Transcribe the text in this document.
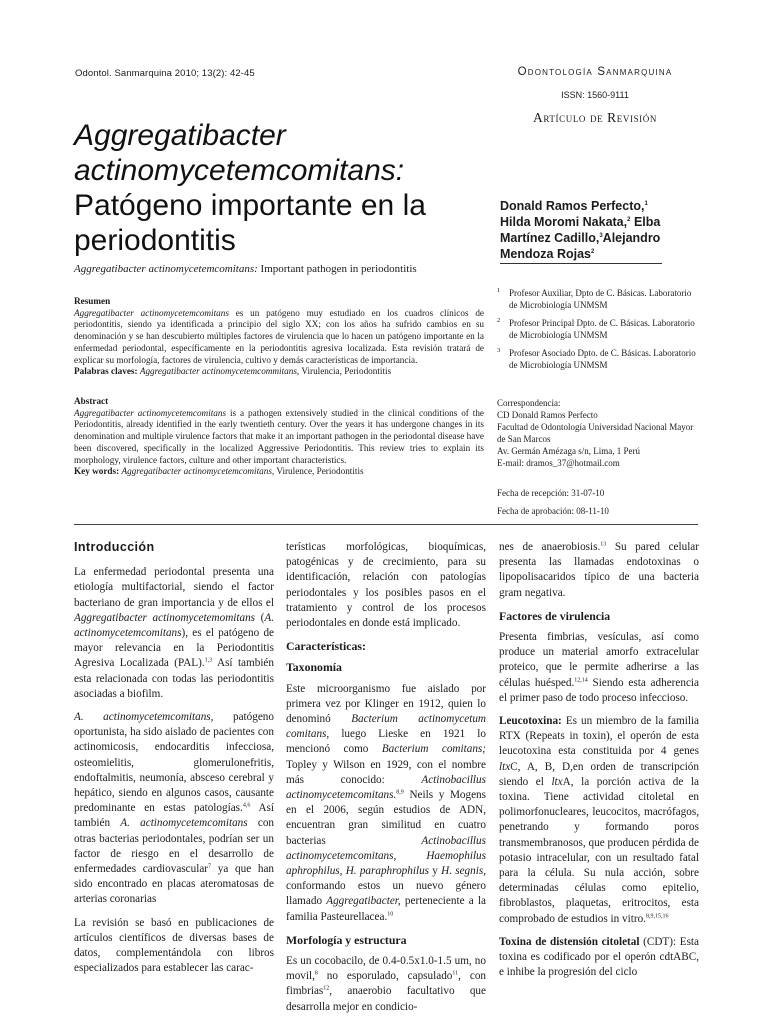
Odontol. Sanmarquina 2010; 13(2): 42-45	Odontología Sanmarquina
ISSN: 1560-9111
Artículo de Revisión
Aggregatibacter
actinomycetemcomitans:
Patógeno importante en la
periodontitis
Aggregatibacter actinomycetemcomitans: Important pathogen in periodontitis
Donald Ramos Perfecto,$^1$
Hilda Moromi Nakata,$^2$ Elba
Martínez Cadillo,$^3$Alejandro
Mendoza Rojas$^2$
1 Profesor Auxiliar, Dpto de C. Básicas. Laboratorio de Microbiología UNMSM
2 Profesor Principal Dpto. de C. Básicas. Laboratorio de Microbiología UNMSM
3 Profesor Asociado Dpto. de C. Básicas. Laboratorio de Microbiología UNMSM
Resumen
Aggregatibacter actinomycetemcomitans es un patógeno muy estudiado en los cuadros clínicos de periodontitis, siendo ya identificada a principio del siglo XX; con los años ha sufrido cambios en su denominación y se han descubierto múltiples factores de virulencia que lo hacen un patógeno importante en la enfermedad periodontal, específicamente en la periodontitis agresiva localizada. Esta revisión tratará de explicar su morfología, factores de virulencia, cultivo y demás características de importancia.
Palabras claves: Aggregatibacter actinomycetemcommitans, Virulencia, Periodontitis
Abstract
Aggregatibacter actinomycetemcomitans is a pathogen extensively studied in the clinical conditions of the Periodontitis, already identified in the early twentieth century. Over the years it has undergone changes in its denomination and multiple virulence factors that make it an important pathogen in the periodontal disease have been discovered, specifically in the localized Aggressive Periodontitis. This review tries to explain its morphology, virulence factors, culture and other important characteristics.
Key words: Aggregatibacter actinomycetemcomitans, Virulence, Periodontitis
Correspondencia:
CD Donald Ramos Perfecto
Facultad de Odontología Universidad Nacional Mayor de San Marcos
Av. Germán Amézaga s/n, Lima, 1 Perú
E-mail: dramos_37@hotmail.com
Fecha de recepción: 31-07-10
Fecha de aprobación: 08-11-10
Introducción

La enfermedad periodontal presenta una etiología multifactorial, siendo el factor bacteriano de gran importancia y de ellos el Aggregatibacter actinomycetemomitans (A. actinomycetemcomitans), es el patógeno de mayor relevancia en la Periodontitis Agresiva Localizada (PAL).$^{1,3}$ Así también esta relacionada con todas las periodontitis asociadas a biofilm.

A. actinomycetemcomitans, patógeno oportunista, ha sido aislado de pacientes con actinomicosis, endocarditis infecciosa, osteomielitis, glomerulonefritis, endoftalmitis, neumonía, absceso cerebral y hepático, siendo en algunos casos, causante predominante en estas patologías.$^{4,6}$ Así también A. actinomycetemcomitans con otras bacterias periodontales, podrían ser un factor de riesgo en el desarrollo de enfermedades cardiovascular$^7$ ya que han sido encontrado en placas ateromatosas de arterias coronarias

La revisión se basó en publicaciones de artículos científicos de diversas bases de datos, complementándola con libros especializados para establecer las carac-

terísticas morfológicas, bioquímicas, patogénicas y de crecimiento, para su identificación, relación con patologías periodontales y los posibles pasos en el tratamiento y control de los procesos periodontales en donde está implicado.

Características:
Taxonomía

Este microorganismo fue aislado por primera vez por Klinger en 1912, quien lo denominó Bacterium actinomycetum comitans, luego Lieske en 1921 lo mencionó como Bacterium comitans; Topley y Wilson en 1929, con el nombre más conocido:	Actinobacillus actinomycetemcomitans.$^{8,9}$ Neils y Mogens en el 2006, según estudios de ADN, encuentran gran similitud en cuatro bacterias	Actinobacillus actinomycetemcomitans, Haemophilus aphrophilus, H. paraphrophilus y H. segnis, conformando estos un nuevo género llamado Aggregatibacter, perteneciente a la familia Pasteurellacea.$^{10}$

Morfología y estructura

Es un cocobacilo, de 0.4-0.5x1.0-1.5 um, no movil,$^8$ no esporulado, capsulado$^{11}$, con fimbrias$^{12}$, anaerobio facultativo que desarrolla mejor en condicio-

nes de anaerobiosis.$^{13}$ Su pared celular presenta las llamadas endotoxinas o lipopolisacaridos típico de una bacteria gram negativa.

Factores de virulencia

Presenta fimbrias, vesículas, así como produce un material amorfo extracelular proteico, que le permite adherirse a las células huésped.$^{12,14}$ Siendo esta adherencia el primer paso de todo proceso infeccioso.

Leucotoxina: Es un miembro de la familia RTX (Repeats in toxin), el operón de esta leucotoxina esta constituida por 4 genes ltxC, A, B, D,en orden de transcripción siendo el ltxA, la porción activa de la toxina. Tiene actividad citoletal en polimorfonucleares, leucocitos, macrófagos, penetrando y formando poros transmembranosos, que producen pérdida de potasio intracelular, con un resultado fatal para la célula. Su nula acción, sobre determinadas células como epitelio, fibroblastos, plaquetas, eritrocitos, esta comprobado de estudios in vitro.$^{8,9,15,16}$

Toxina de distensión citoletal (CDT): Esta toxina es codificado por el operón cdtABC, e inhibe la progresión del ciclo
